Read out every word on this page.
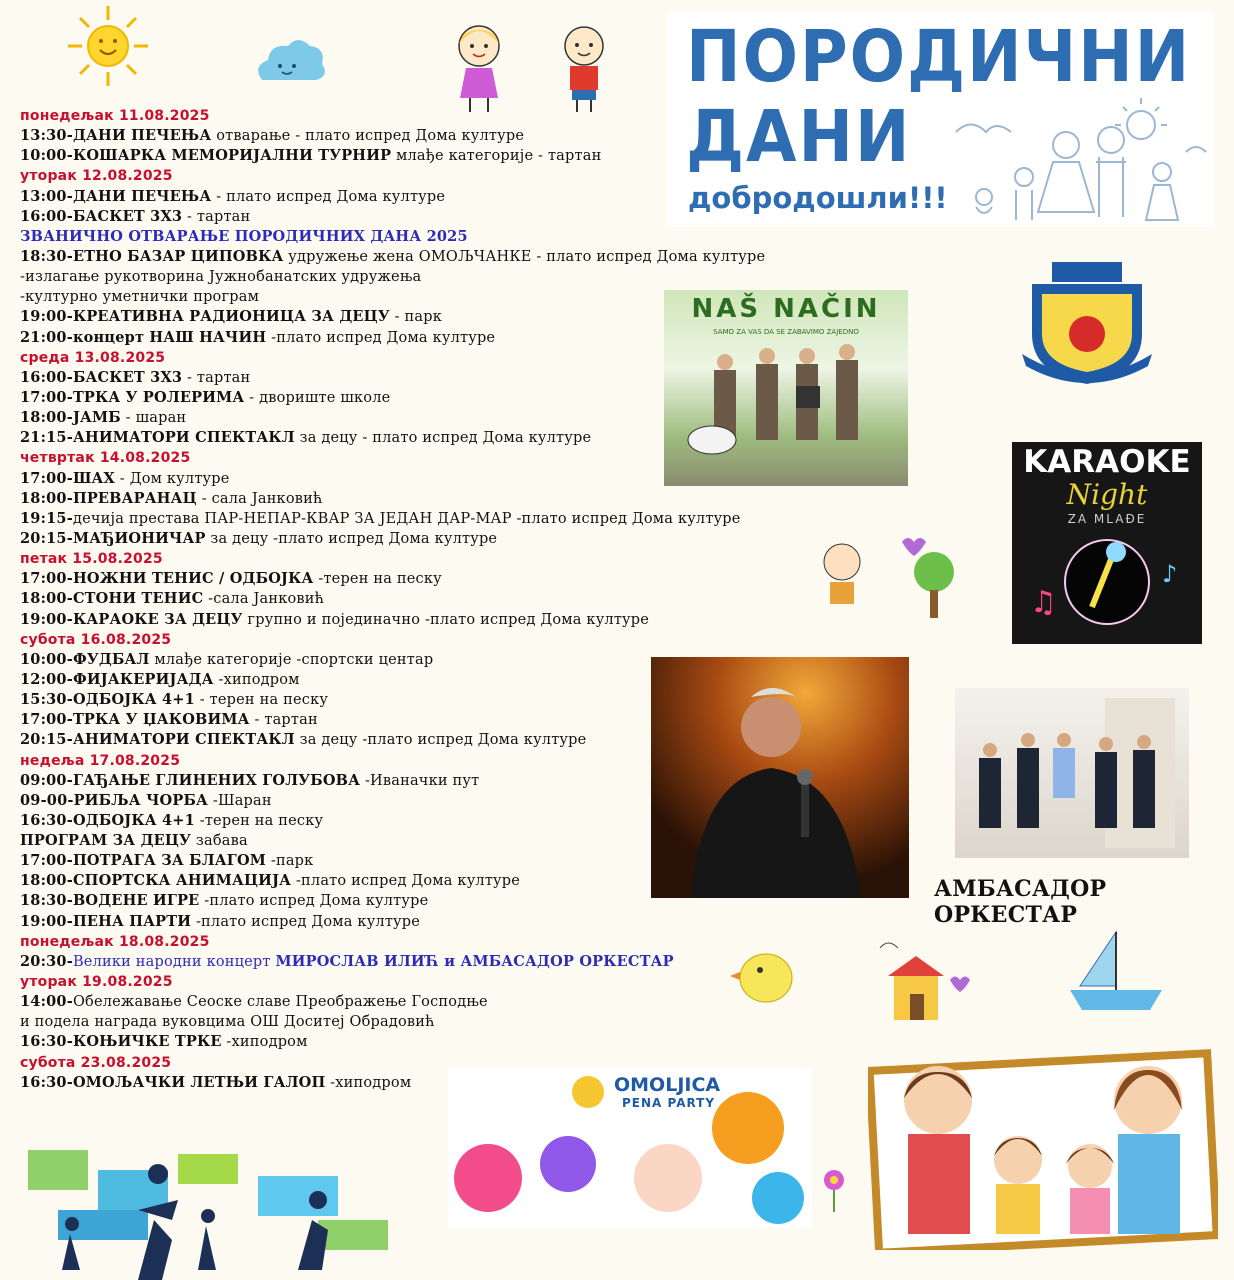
ПОРОДИЧНИ
ДАНИ
добродошли!!!
понедељак 11.08.2025
13:30-ДАНИ ПЕЧЕЊА отварање - плато испред Дома културе
10:00-КОШАРКА МЕМОРИЈАЛНИ ТУРНИР млађе категорије - тартан
уторак 12.08.2025
13:00-ДАНИ ПЕЧЕЊА - плато испред Дома културе
16:00-БАСКЕТ 3Х3 - тартан
ЗВАНИЧНО ОТВАРАЊЕ ПОРОДИЧНИХ ДАНА 2025
18:30-ЕТНО БАЗАР ЦИПОВКА удружење жена ОМОЉЧАНКЕ - плато испред Дома културе
-излагање рукотворина Јужнобанатских удружења
-културно уметнички програм
19:00-КРЕАТИВНА РАДИОНИЦА ЗА ДЕЦУ - парк
21:00-концерт НАШ НАЧИН -плато испред Дома културе
среда 13.08.2025
16:00-БАСКЕТ 3Х3 - тартан
17:00-ТРКА У РОЛЕРИМА - двориште школе
18:00-ЈАМБ - шаран
21:15-АНИМАТОРИ СПЕКТАКЛ за децу - плато испред Дома културе
четвртак 14.08.2025
17:00-ШАХ - Дом културе
18:00-ПРЕВАРАНАЦ - сала Јанковић
19:15-дечија престава ПАР-НЕПАР-КВАР ЗА ЈЕДАН ДАР-МАР -плато испред Дома културе
20:15-МАЂИОНИЧАР за децу -плато испред Дома културе
петак 15.08.2025
17:00-НОЖНИ ТЕНИС / ОДБОЈКА -терен на песку
18:00-СТОНИ ТЕНИС -сала Јанковић
19:00-КАРАОКЕ ЗА ДЕЦУ групно и појединачно -плато испред Дома културе
субота 16.08.2025
10:00-ФУДБАЛ млађе категорије -спортски центар
12:00-ФИЈАКЕРИЈАДА -хиподром
15:30-ОДБОЈКА 4+1 - терен на песку
17:00-ТРКА У ЏАКОВИМА - тартан
20:15-АНИМАТОРИ СПЕКТАКЛ за децу -плато испред Дома културе
недеља 17.08.2025
09:00-ГАЂАЊЕ ГЛИНЕНИХ ГОЛУБОВА -Иваначки пут
09-00-РИБЉА ЧОРБА -Шаран
16:30-ОДБОЈКА 4+1 -терен на песку
ПРОГРАМ ЗА ДЕЦУ забава
17:00-ПОТРАГА ЗА БЛАГОМ -парк
18:00-СПОРТСКА АНИМАЦИЈА -плато испред Дома културе
18:30-ВОДЕНЕ ИГРЕ -плато испред Дома културе
19:00-ПЕНА ПАРТИ -плато испред Дома културе
понедељак 18.08.2025
20:30-Велики народни концерт МИРОСЛАВ ИЛИЋ и АМБАСАДОР ОРКЕСТАР
уторак 19.08.2025
14:00-Обележавање Сеоске славе Преображење Господње
и подела награда вуковцима ОШ Доситеј Обрадовић
16:30-КОЊИЧКЕ ТРКЕ -хиподром
субота 23.08.2025
16:30-ОМОЉАЧКИ ЛЕТЊИ ГАЛОП -хиподром
NAŠ NAČIN
SAMO ZA VAS DA SE ZABAVIMO ZAJEDNO
KARAOKE
Night
ZA MLAĐE
♫
♪
АМБАСАДОР ОРКЕСТАР
OMOLJICA
PENA PARTY
